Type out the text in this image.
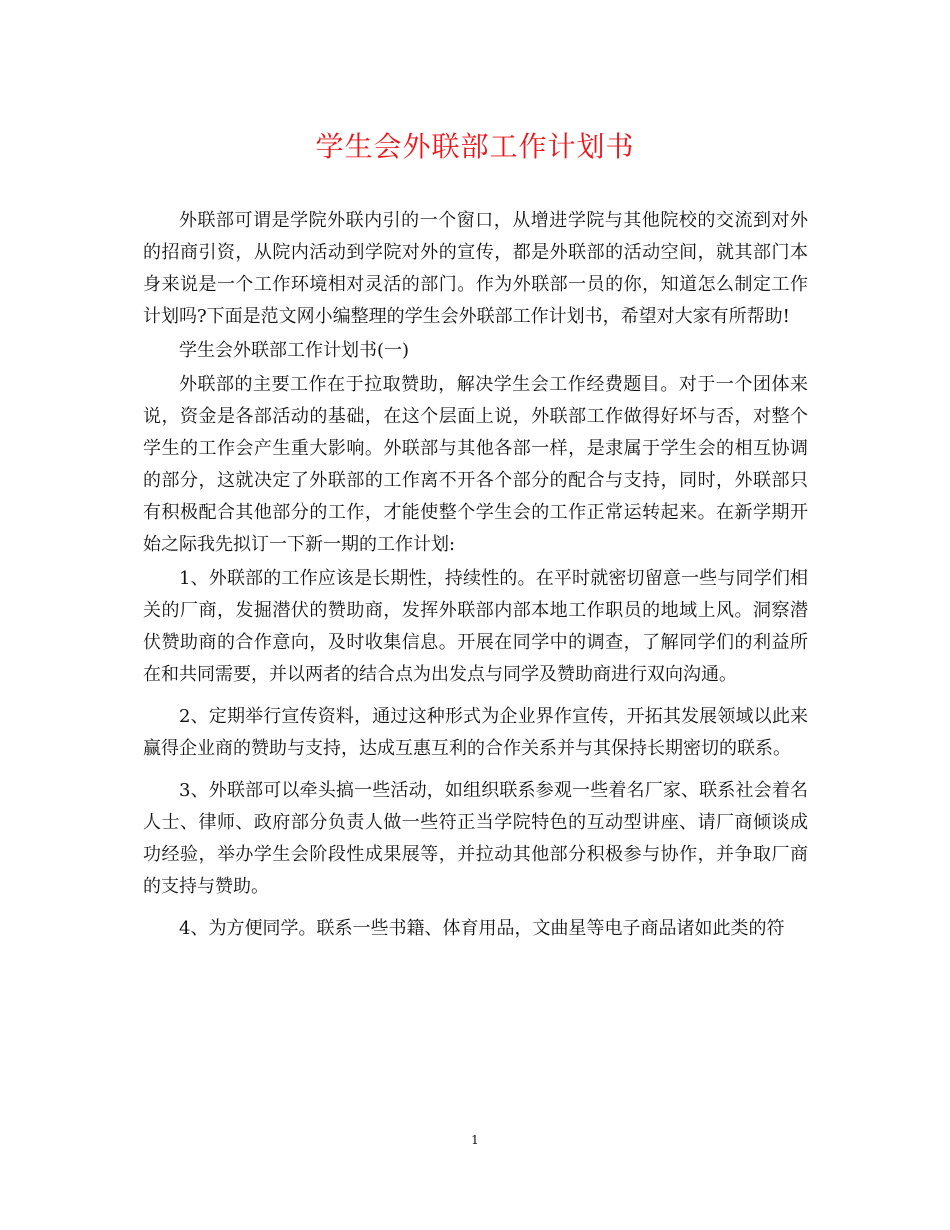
学生会外联部工作计划书

外联部可谓是学院外联内引的一个窗口，从增进学院与其他院校的交流到对外的招商引资，从院内活动到学院对外的宣传，都是外联部的活动空间，就其部门本身来说是一个工作环境相对灵活的部门。作为外联部一员的你，知道怎么制定工作计划吗?下面是范文网小编整理的学生会外联部工作计划书，希望对大家有所帮助!

学生会外联部工作计划书(一)

外联部的主要工作在于拉取赞助，解决学生会工作经费题目。对于一个团体来说，资金是各部活动的基础，在这个层面上说，外联部工作做得好坏与否，对整个学生的工作会产生重大影响。外联部与其他各部一样，是隶属于学生会的相互协调的部分，这就决定了外联部的工作离不开各个部分的配合与支持，同时，外联部只有积极配合其他部分的工作，才能使整个学生会的工作正常运转起来。在新学期开始之际我先拟订一下新一期的工作计划:

1、外联部的工作应该是长期性，持续性的。在平时就密切留意一些与同学们相关的厂商，发掘潜伏的赞助商，发挥外联部内部本地工作职员的地域上风。洞察潜伏赞助商的合作意向，及时收集信息。开展在同学中的调查，了解同学们的利益所在和共同需要，并以两者的结合点为出发点与同学及赞助商进行双向沟通。

2、定期举行宣传资料，通过这种形式为企业界作宣传，开拓其发展领域以此来赢得企业商的赞助与支持，达成互惠互利的合作关系并与其保持长期密切的联系。

3、外联部可以牵头搞一些活动，如组织联系参观一些着名厂家、联系社会着名人士、律师、政府部分负责人做一些符正当学院特色的互动型讲座、请厂商倾谈成功经验，举办学生会阶段性成果展等，并拉动其他部分积极参与协作，并争取厂商的支持与赞助。

4、为方便同学。联系一些书籍、体育用品，文曲星等电子商品诸如此类的符

1
